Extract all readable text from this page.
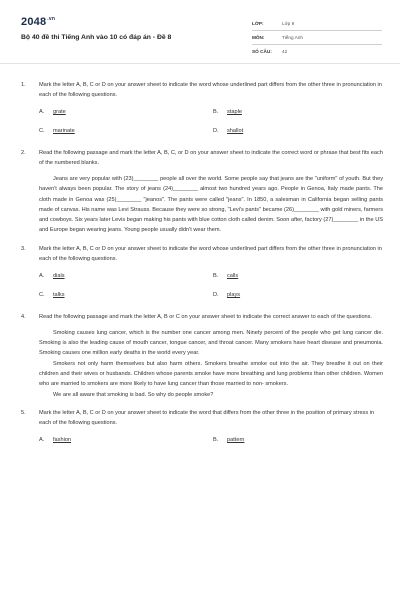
$2048^{.vn}$
Bộ 40 đề thi Tiếng Anh vào 10 có đáp án - Đề 8
LỚP:	Lớp 9
MÔN:	Tiếng Anh
SỐ CÂU:	42
1.	Mark the letter A, B, C or D on your answer sheet to indicate the word whose underlined part differs from the other three in pronunciation in each of the following questions.
A.	grate	B.	staple
C.	marinate	D.	shallot
2.	Read the following passage and mark the letter A, B, C, or D on your answer sheet to indicate the correct word or phrase that best fits each of the numbered blanks.

Jeans are very popular with (23)________ people all over the world. Some people say that jeans are the "uniform" of youth. But they haven't always been popular. The story of jeans (24)________ almost two hundred years ago. People in Genoa, Italy made pants. The cloth made in Genoa was (25)________ "jeanos". The pants were called "jeans". In 1850, a salesman in California began selling pants made of canvas. His name was Levi Strauss. Because they were so strong, "Levi's pants" became (26)________ with gold miners, farmers and cowboys. Six years later Levis began making his pants with blue cotton cloth called denim. Soon after, factory (27)________ in the US and Europe began wearing jeans. Young people usually didn't wear them.

3.	Mark the letter A, B, C or D on your answer sheet to indicate the word whose underlined part differs from the other three in pronunciation in each of the following questions.
A.	dials	B.	calls
C.	talks	D.	plays
4.	Read the following passage and mark the letter A, B or C on your answer sheet to indicate the correct answer to each of the questions.

Smoking causes lung cancer, which is the number one cancer among men. Ninety percent of the people who get lung cancer die. Smoking is also the leading cause of mouth cancer, tongue cancer, and throat cancer. Many smokers have heart disease and pneumonia. Smoking causes one million early deaths in the world every year.

Smokers not only harm themselves but also harm others. Smokers breathe smoke out into the air. They breathe it out on their children and their wives or husbands. Children whose parents smoke have more breathing and lung problems than other children. Women who are married to smokers are more likely to have lung cancer than those married to non- smokers.

We are all aware that smoking is bad. So why do people smoke?

5.	Mark the letter A, B, C or D on your answer sheet to indicate the word that differs from the other three in the position of primary stress in each of the following questions.
A.	fashion	B.	pattern
